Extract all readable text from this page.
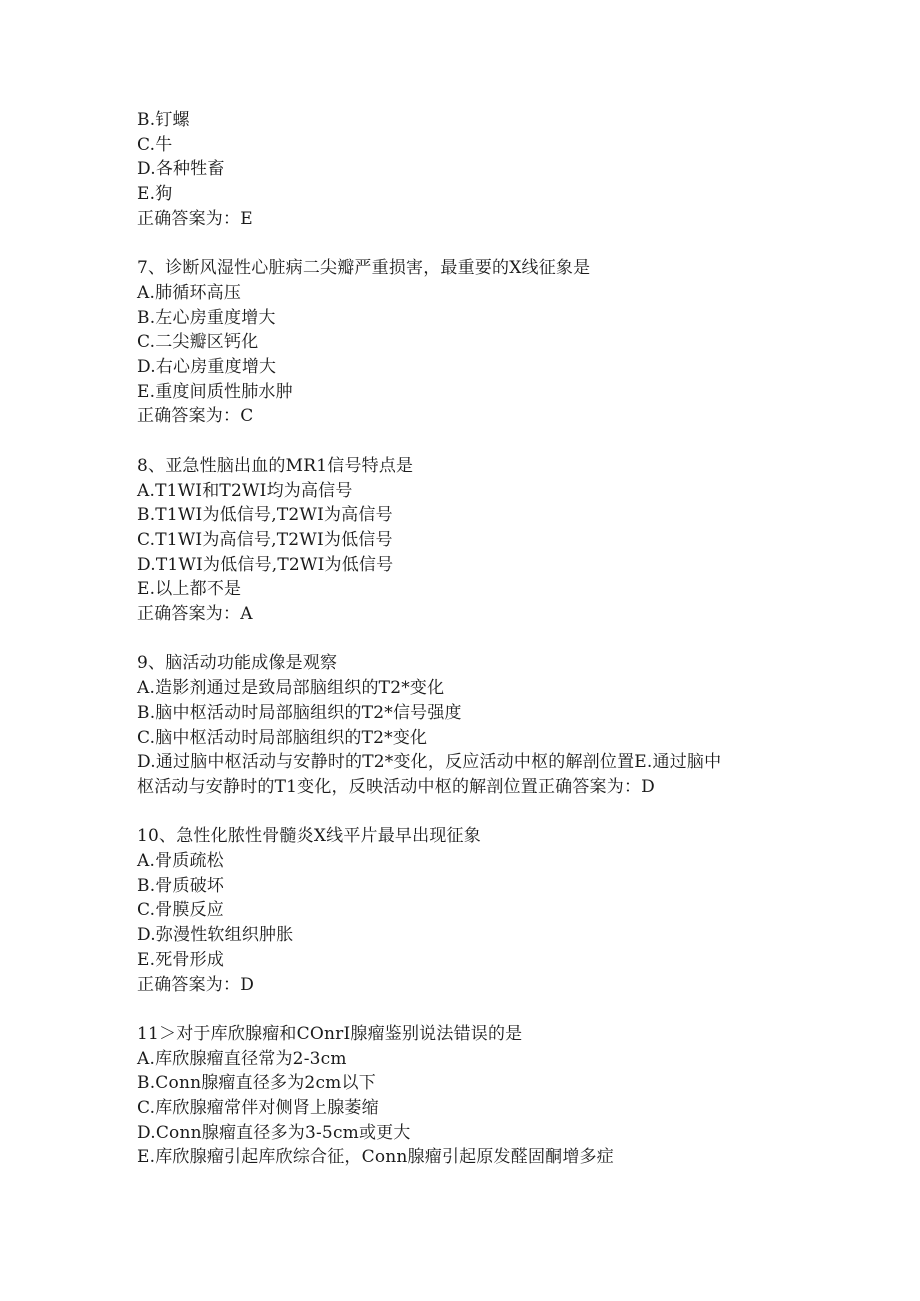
B.钉螺
C.牛
D.各种牲畜
E.狗
正确答案为：E
7、诊断风湿性心脏病二尖瓣严重损害，最重要的X线征象是
A.肺循环高压
B.左心房重度增大
C.二尖瓣区钙化
D.右心房重度增大
E.重度间质性肺水肿
正确答案为：C
8、亚急性脑出血的MR1信号特点是
A.T1WI和T2WI均为高信号
B.T1WI为低信号,T2WI为高信号
C.T1WI为高信号,T2WI为低信号
D.T1WI为低信号,T2WI为低信号
E.以上都不是
正确答案为：A
9、脑活动功能成像是观察
A.造影剂通过是致局部脑组织的T2*变化
B.脑中枢活动时局部脑组织的T2*信号强度
C.脑中枢活动时局部脑组织的T2*变化
D.通过脑中枢活动与安静时的T2*变化，反应活动中枢的解剖位置E.通过脑中
枢活动与安静时的T1变化，反映活动中枢的解剖位置正确答案为：D
10、急性化脓性骨髓炎X线平片最早出现征象
A.骨质疏松
B.骨质破坏
C.骨膜反应
D.弥漫性软组织肿胀
E.死骨形成
正确答案为：D
11＞对于库欣腺瘤和COnrI腺瘤鉴别说法错误的是
A.库欣腺瘤直径常为2-3cm
B.Conn腺瘤直径多为2cm以下
C.库欣腺瘤常伴对侧肾上腺萎缩
D.Conn腺瘤直径多为3-5cm或更大
E.库欣腺瘤引起库欣综合征，Conn腺瘤引起原发醛固酮增多症
